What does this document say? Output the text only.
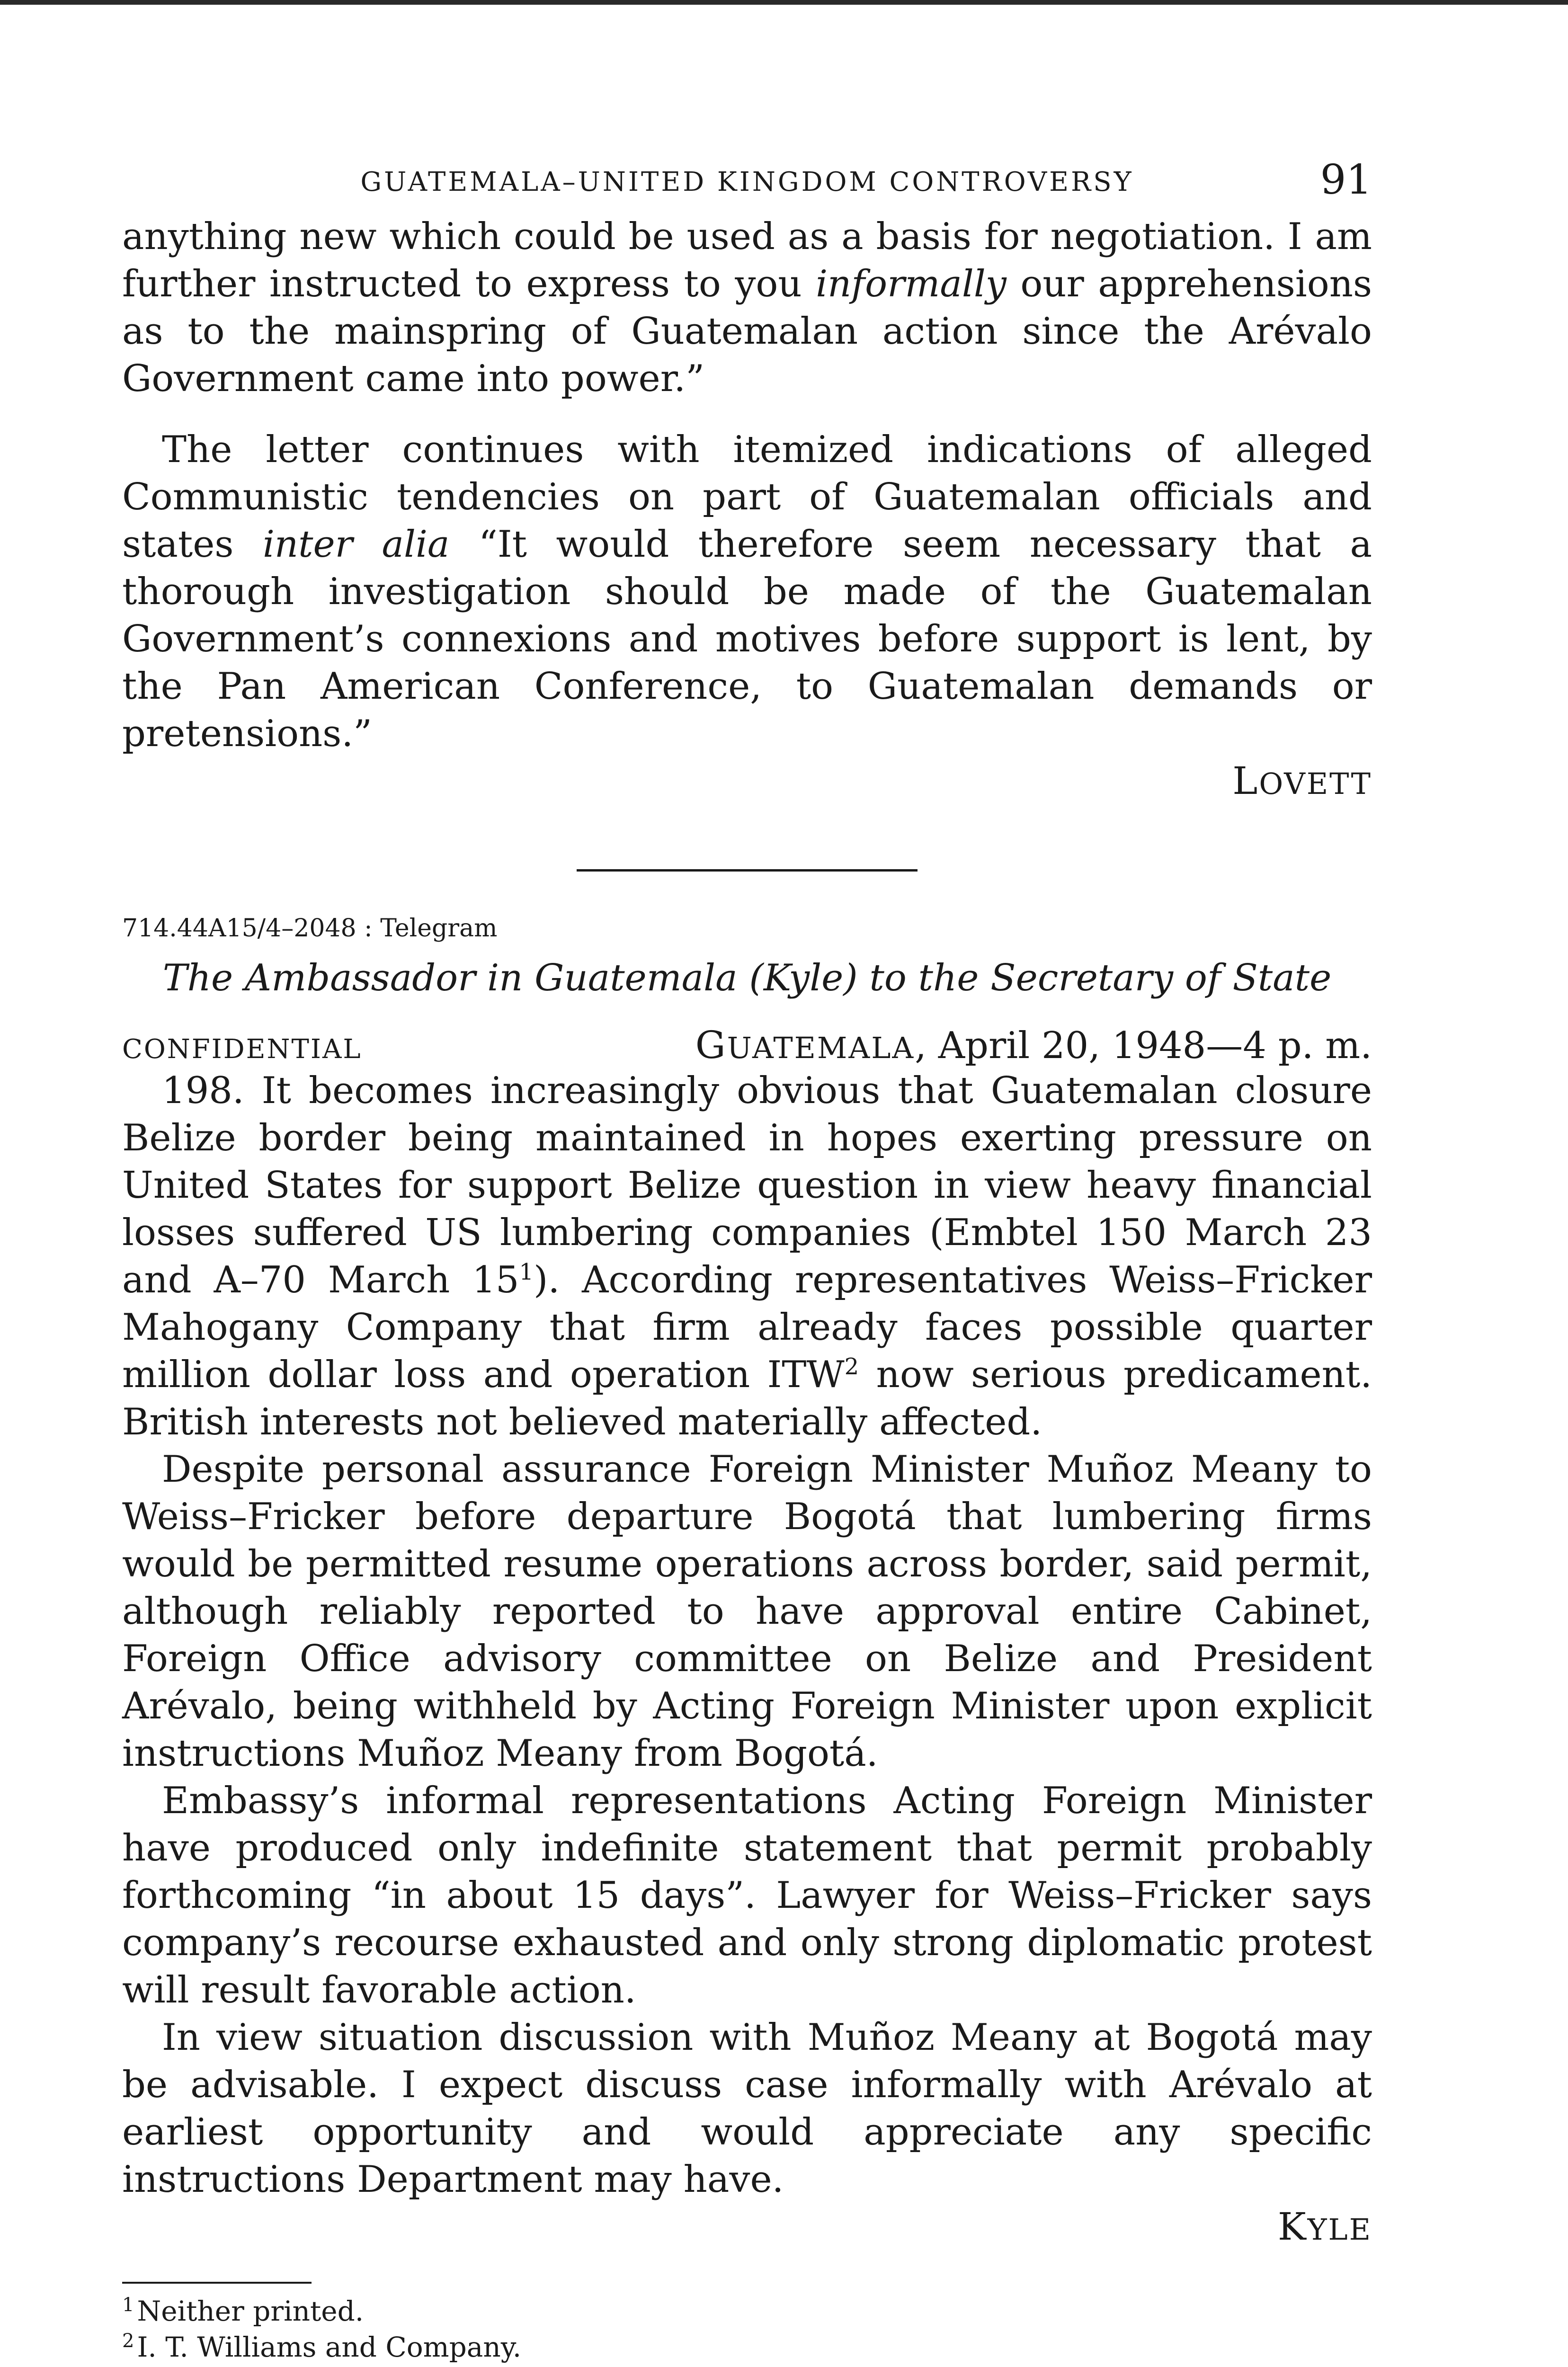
GUATEMALA–UNITED KINGDOM CONTROVERSY	91

anything new which could be used as a basis for negotiation. I am further instructed to express to you informally our apprehensions as to the mainspring of Guatemalan action since the Arévalo Government came into power.”

The letter continues with itemized indications of alleged Communistic tendencies on part of Guatemalan officials and states inter alia “It would therefore seem necessary that a thorough investigation should be made of the Guatemalan Government’s connexions and motives before support is lent, by the Pan American Conference, to Guatemalan demands or pretensions.”

LOVETT
714.44A15/4–2048 : Telegram
The Ambassador in Guatemala (Kyle) to the Secretary of State
CONFIDENTIAL	GUATEMALA, April 20, 1948—4 p. m.

198. It becomes increasingly obvious that Guatemalan closure Belize border being maintained in hopes exerting pressure on United States for support Belize question in view heavy financial losses suffered US lumbering companies (Embtel 150 March 23 and A–70 March 15$^1$). According representatives Weiss–Fricker Mahogany Company that firm already faces possible quarter million dollar loss and operation ITW$^2$ now serious predicament. British interests not believed materially affected.

Despite personal assurance Foreign Minister Muñoz Meany to Weiss–Fricker before departure Bogotá that lumbering firms would be permitted resume operations across border, said permit, although reliably reported to have approval entire Cabinet, Foreign Office advisory committee on Belize and President Arévalo, being withheld by Acting Foreign Minister upon explicit instructions Muñoz Meany from Bogotá.

Embassy’s informal representations Acting Foreign Minister have produced only indefinite statement that permit probably forthcoming “in about 15 days”. Lawyer for Weiss–Fricker says company’s recourse exhausted and only strong diplomatic protest will result favorable action.

In view situation discussion with Muñoz Meany at Bogotá may be advisable. I expect discuss case informally with Arévalo at earliest opportunity and would appreciate any specific instructions Department may have.

KYLE

$^1$ Neither printed.

$^2$ I. T. Williams and Company.
